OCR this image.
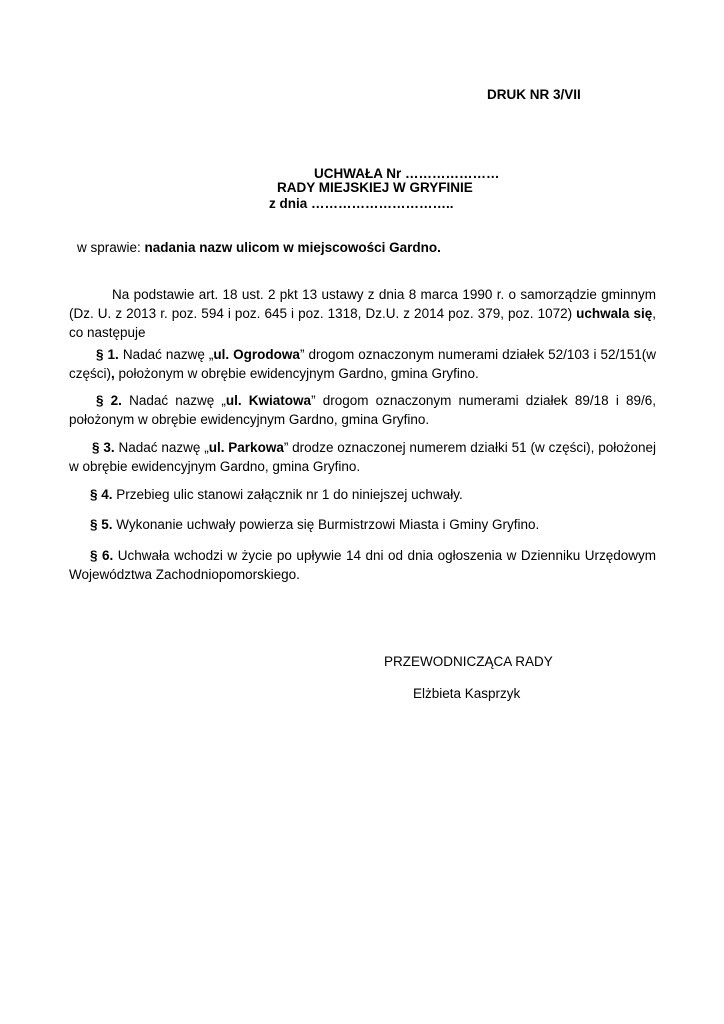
DRUK NR 3/VII
UCHWAŁA Nr …………………
RADY MIEJSKIEJ W GRYFINIE
z dnia …………………………..
w sprawie: nadania nazw ulicom w miejscowości Gardno.
Na podstawie art. 18 ust. 2 pkt 13 ustawy z dnia 8 marca 1990 r. o samorządzie gminnym (Dz. U. z 2013 r. poz. 594 i poz. 645 i poz. 1318, Dz.U. z 2014 poz. 379, poz. 1072) uchwala się, co następuje
§ 1. Nadać nazwę „ul. Ogrodowa” drogom oznaczonym numerami działek 52/103 i 52/151(w części), położonym w obrębie ewidencyjnym Gardno, gmina Gryfino.
§ 2. Nadać nazwę „ul. Kwiatowa” drogom oznaczonym numerami działek 89/18 i 89/6, położonym w obrębie ewidencyjnym Gardno, gmina Gryfino.
§ 3. Nadać nazwę „ul. Parkowa” drodze oznaczonej numerem działki 51 (w części), położonej w obrębie ewidencyjnym Gardno, gmina Gryfino.
§ 4. Przebieg ulic stanowi załącznik nr 1 do niniejszej uchwały.
§ 5. Wykonanie uchwały powierza się Burmistrzowi Miasta i Gminy Gryfino.
§ 6. Uchwała wchodzi w życie po upływie 14 dni od dnia ogłoszenia w Dzienniku Urzędowym Województwa Zachodniopomorskiego.
PRZEWODNICZĄCA RADY
Elżbieta Kasprzyk
